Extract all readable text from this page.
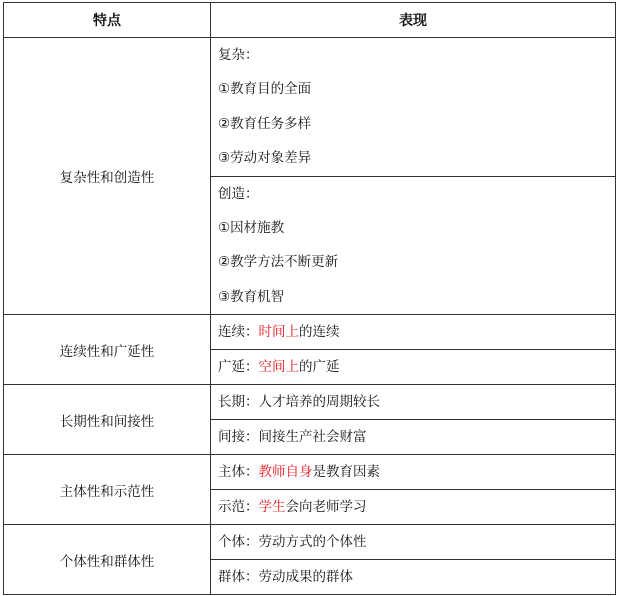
特点	表现
复杂性和创造性	复杂：
①教育目的全面
②教育任务多样
③劳动对象差异

	创造：
①因材施教
②教学方法不断更新
③教育机智

连续性和广延性	连续：时间上的连续

	广延：空间上的广延

长期性和间接性	长期：人才培养的周期较长

	间接：间接生产社会财富

主体性和示范性	主体：教师自身是教育因素

	示范：学生会向老师学习

个体性和群体性	个体：劳动方式的个体性

	群体：劳动成果的群体
